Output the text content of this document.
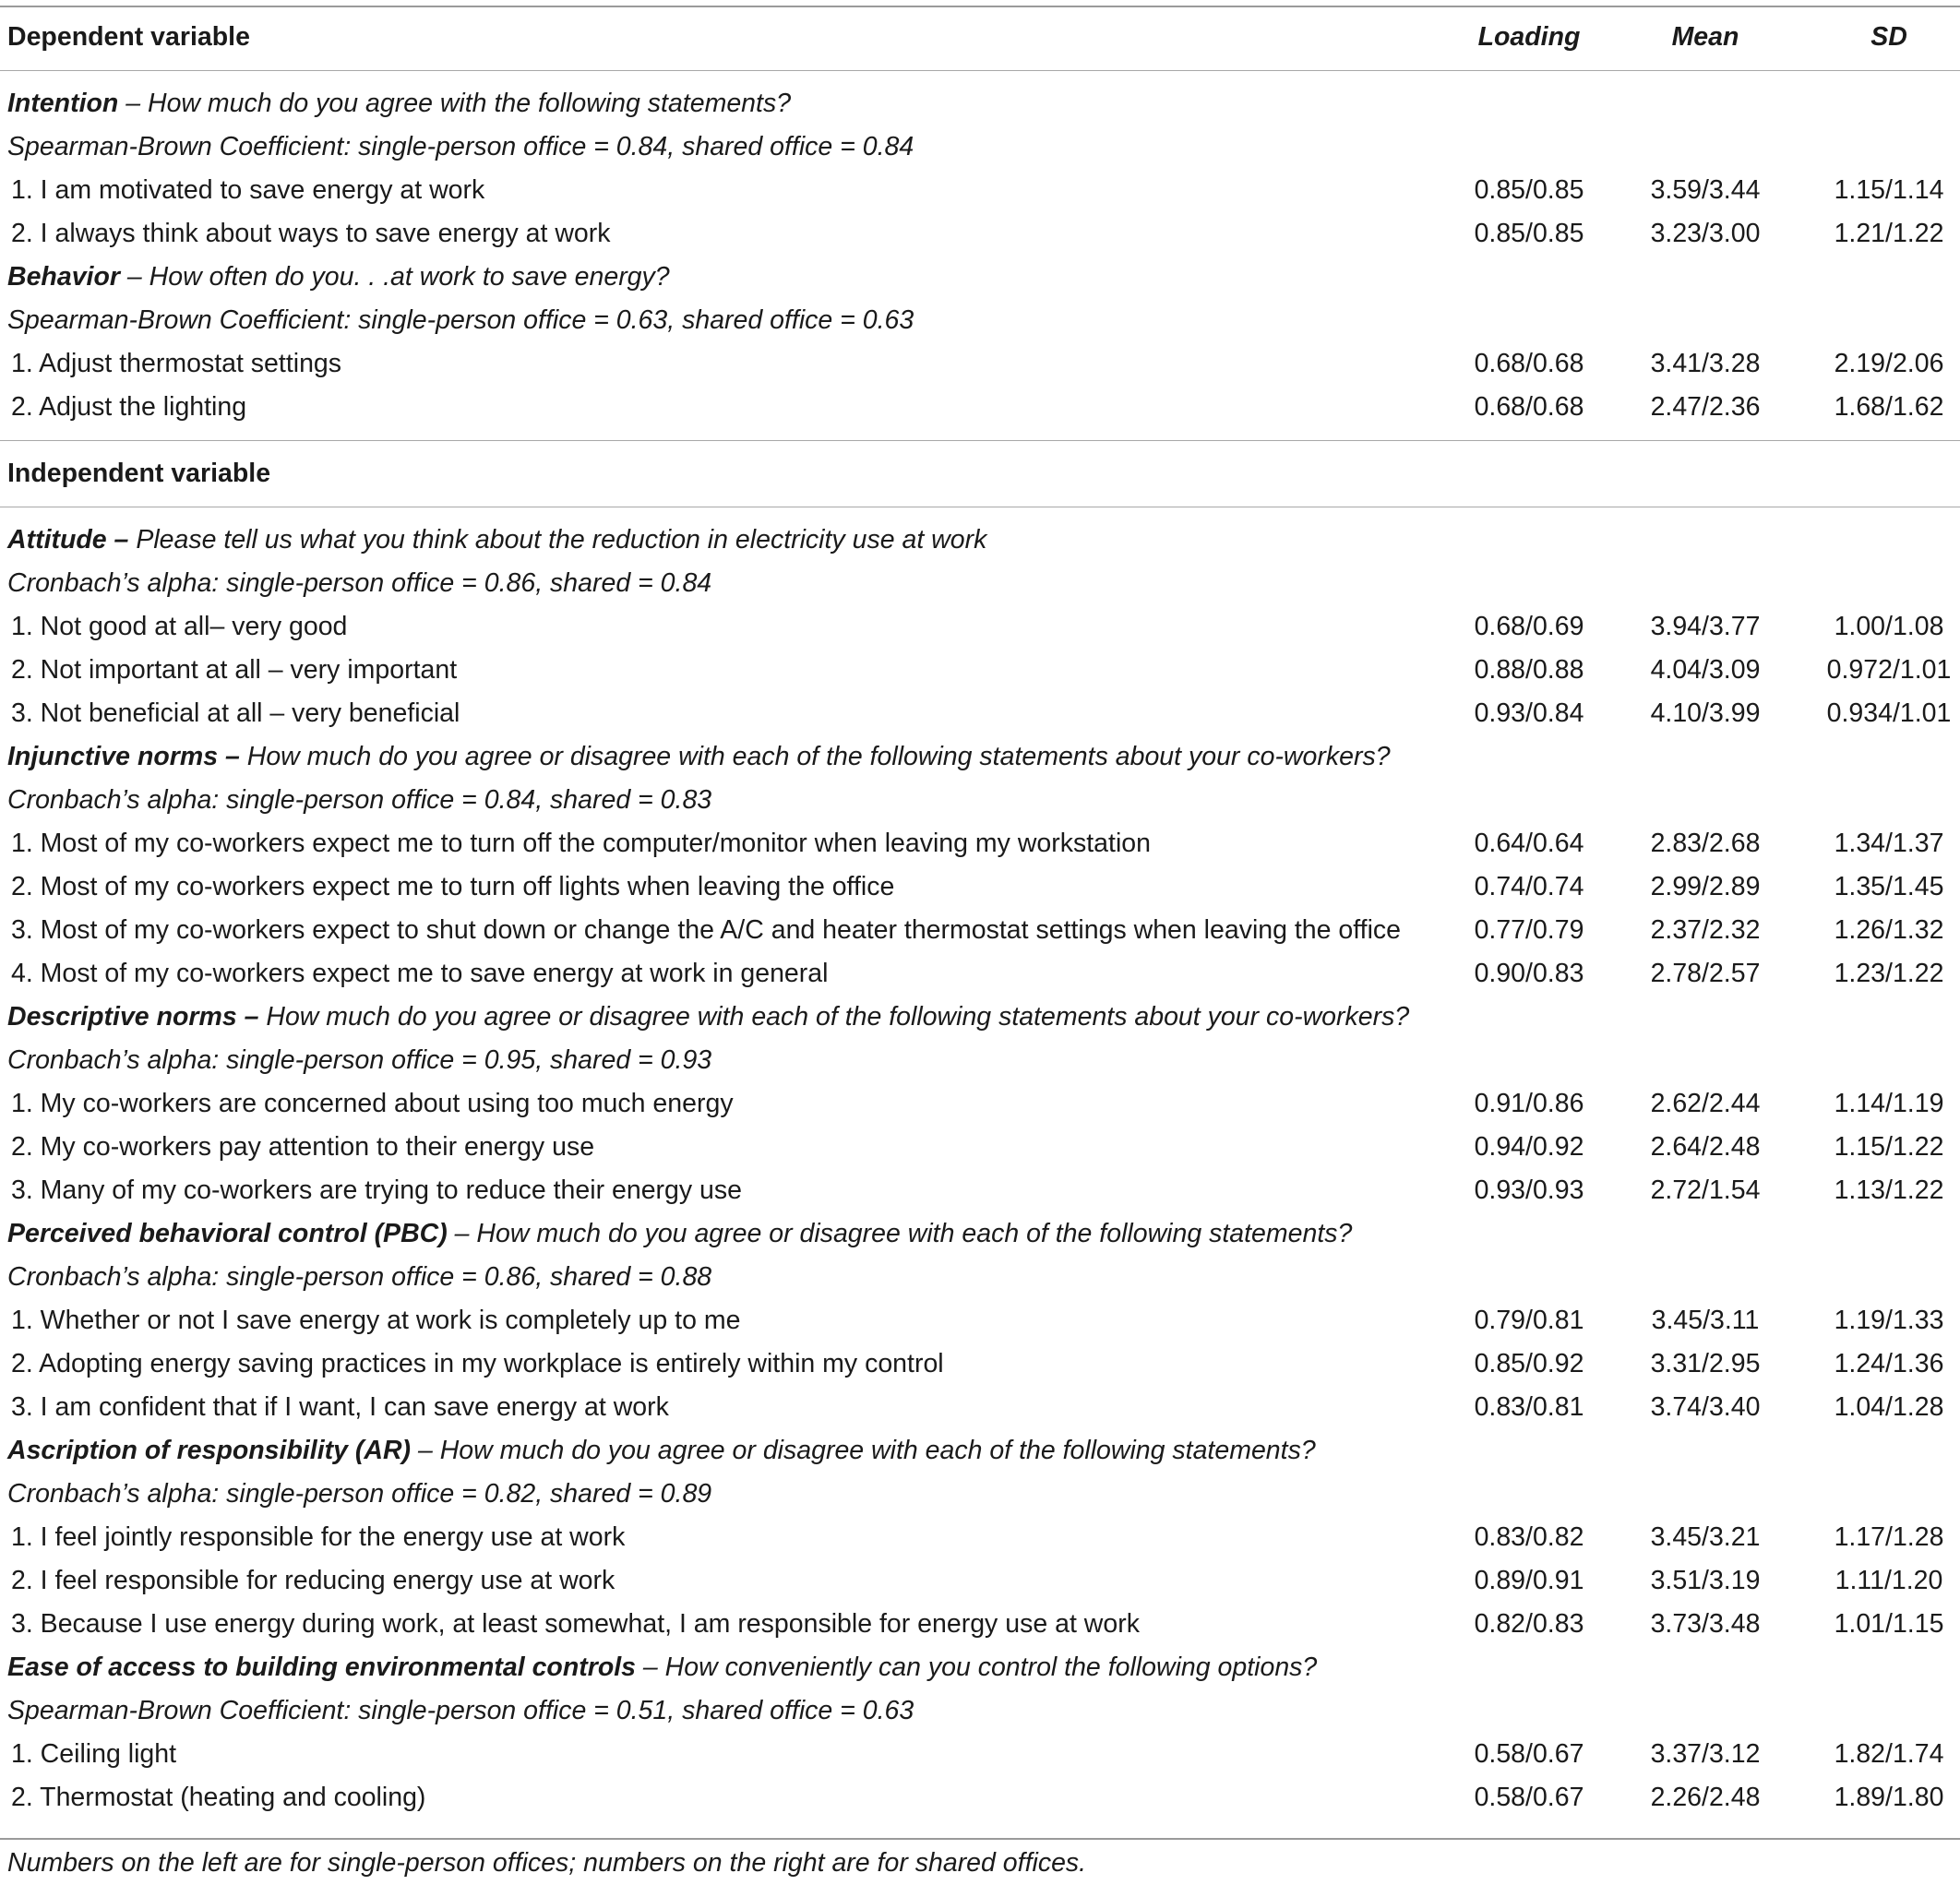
Dependent variable	Loading	Mean	SD
Intention – How much do you agree with the following statements?
Spearman-Brown Coefficient: single-person office = 0.84, shared office = 0.84
1. I am motivated to save energy at work	0.85/0.85	3.59/3.44	1.15/1.14
2. I always think about ways to save energy at work	0.85/0.85	3.23/3.00	1.21/1.22
Behavior – How often do you. . .at work to save energy?
Spearman-Brown Coefficient: single-person office = 0.63, shared office = 0.63
1. Adjust thermostat settings	0.68/0.68	3.41/3.28	2.19/2.06
2. Adjust the lighting	0.68/0.68	2.47/2.36	1.68/1.62
Independent variable
Attitude – Please tell us what you think about the reduction in electricity use at work
Cronbach’s alpha: single-person office = 0.86, shared = 0.84
1. Not good at all– very good	0.68/0.69	3.94/3.77	1.00/1.08
2. Not important at all – very important	0.88/0.88	4.04/3.09	0.972/1.01
3. Not beneficial at all – very beneficial	0.93/0.84	4.10/3.99	0.934/1.01
Injunctive norms – How much do you agree or disagree with each of the following statements about your co-workers?
Cronbach’s alpha: single-person office = 0.84, shared = 0.83
1. Most of my co-workers expect me to turn off the computer/monitor when leaving my workstation	0.64/0.64	2.83/2.68	1.34/1.37
2. Most of my co-workers expect me to turn off lights when leaving the office	0.74/0.74	2.99/2.89	1.35/1.45
3. Most of my co-workers expect to shut down or change the A/C and heater thermostat settings when leaving the office	0.77/0.79	2.37/2.32	1.26/1.32
4. Most of my co-workers expect me to save energy at work in general	0.90/0.83	2.78/2.57	1.23/1.22
Descriptive norms – How much do you agree or disagree with each of the following statements about your co-workers?
Cronbach’s alpha: single-person office = 0.95, shared = 0.93
1. My co-workers are concerned about using too much energy	0.91/0.86	2.62/2.44	1.14/1.19
2. My co-workers pay attention to their energy use	0.94/0.92	2.64/2.48	1.15/1.22
3. Many of my co-workers are trying to reduce their energy use	0.93/0.93	2.72/1.54	1.13/1.22
Perceived behavioral control (PBC) – How much do you agree or disagree with each of the following statements?
Cronbach’s alpha: single-person office = 0.86, shared = 0.88
1. Whether or not I save energy at work is completely up to me	0.79/0.81	3.45/3.11	1.19/1.33
2. Adopting energy saving practices in my workplace is entirely within my control	0.85/0.92	3.31/2.95	1.24/1.36
3. I am confident that if I want, I can save energy at work	0.83/0.81	3.74/3.40	1.04/1.28
Ascription of responsibility (AR) – How much do you agree or disagree with each of the following statements?
Cronbach’s alpha: single-person office = 0.82, shared = 0.89
1. I feel jointly responsible for the energy use at work	0.83/0.82	3.45/3.21	1.17/1.28
2. I feel responsible for reducing energy use at work	0.89/0.91	3.51/3.19	1.11/1.20
3. Because I use energy during work, at least somewhat, I am responsible for energy use at work	0.82/0.83	3.73/3.48	1.01/1.15
Ease of access to building environmental controls – How conveniently can you control the following options?
Spearman-Brown Coefficient: single-person office = 0.51, shared office = 0.63
1. Ceiling light	0.58/0.67	3.37/3.12	1.82/1.74
2. Thermostat (heating and cooling)	0.58/0.67	2.26/2.48	1.89/1.80
Numbers on the left are for single-person offices; numbers on the right are for shared offices.
